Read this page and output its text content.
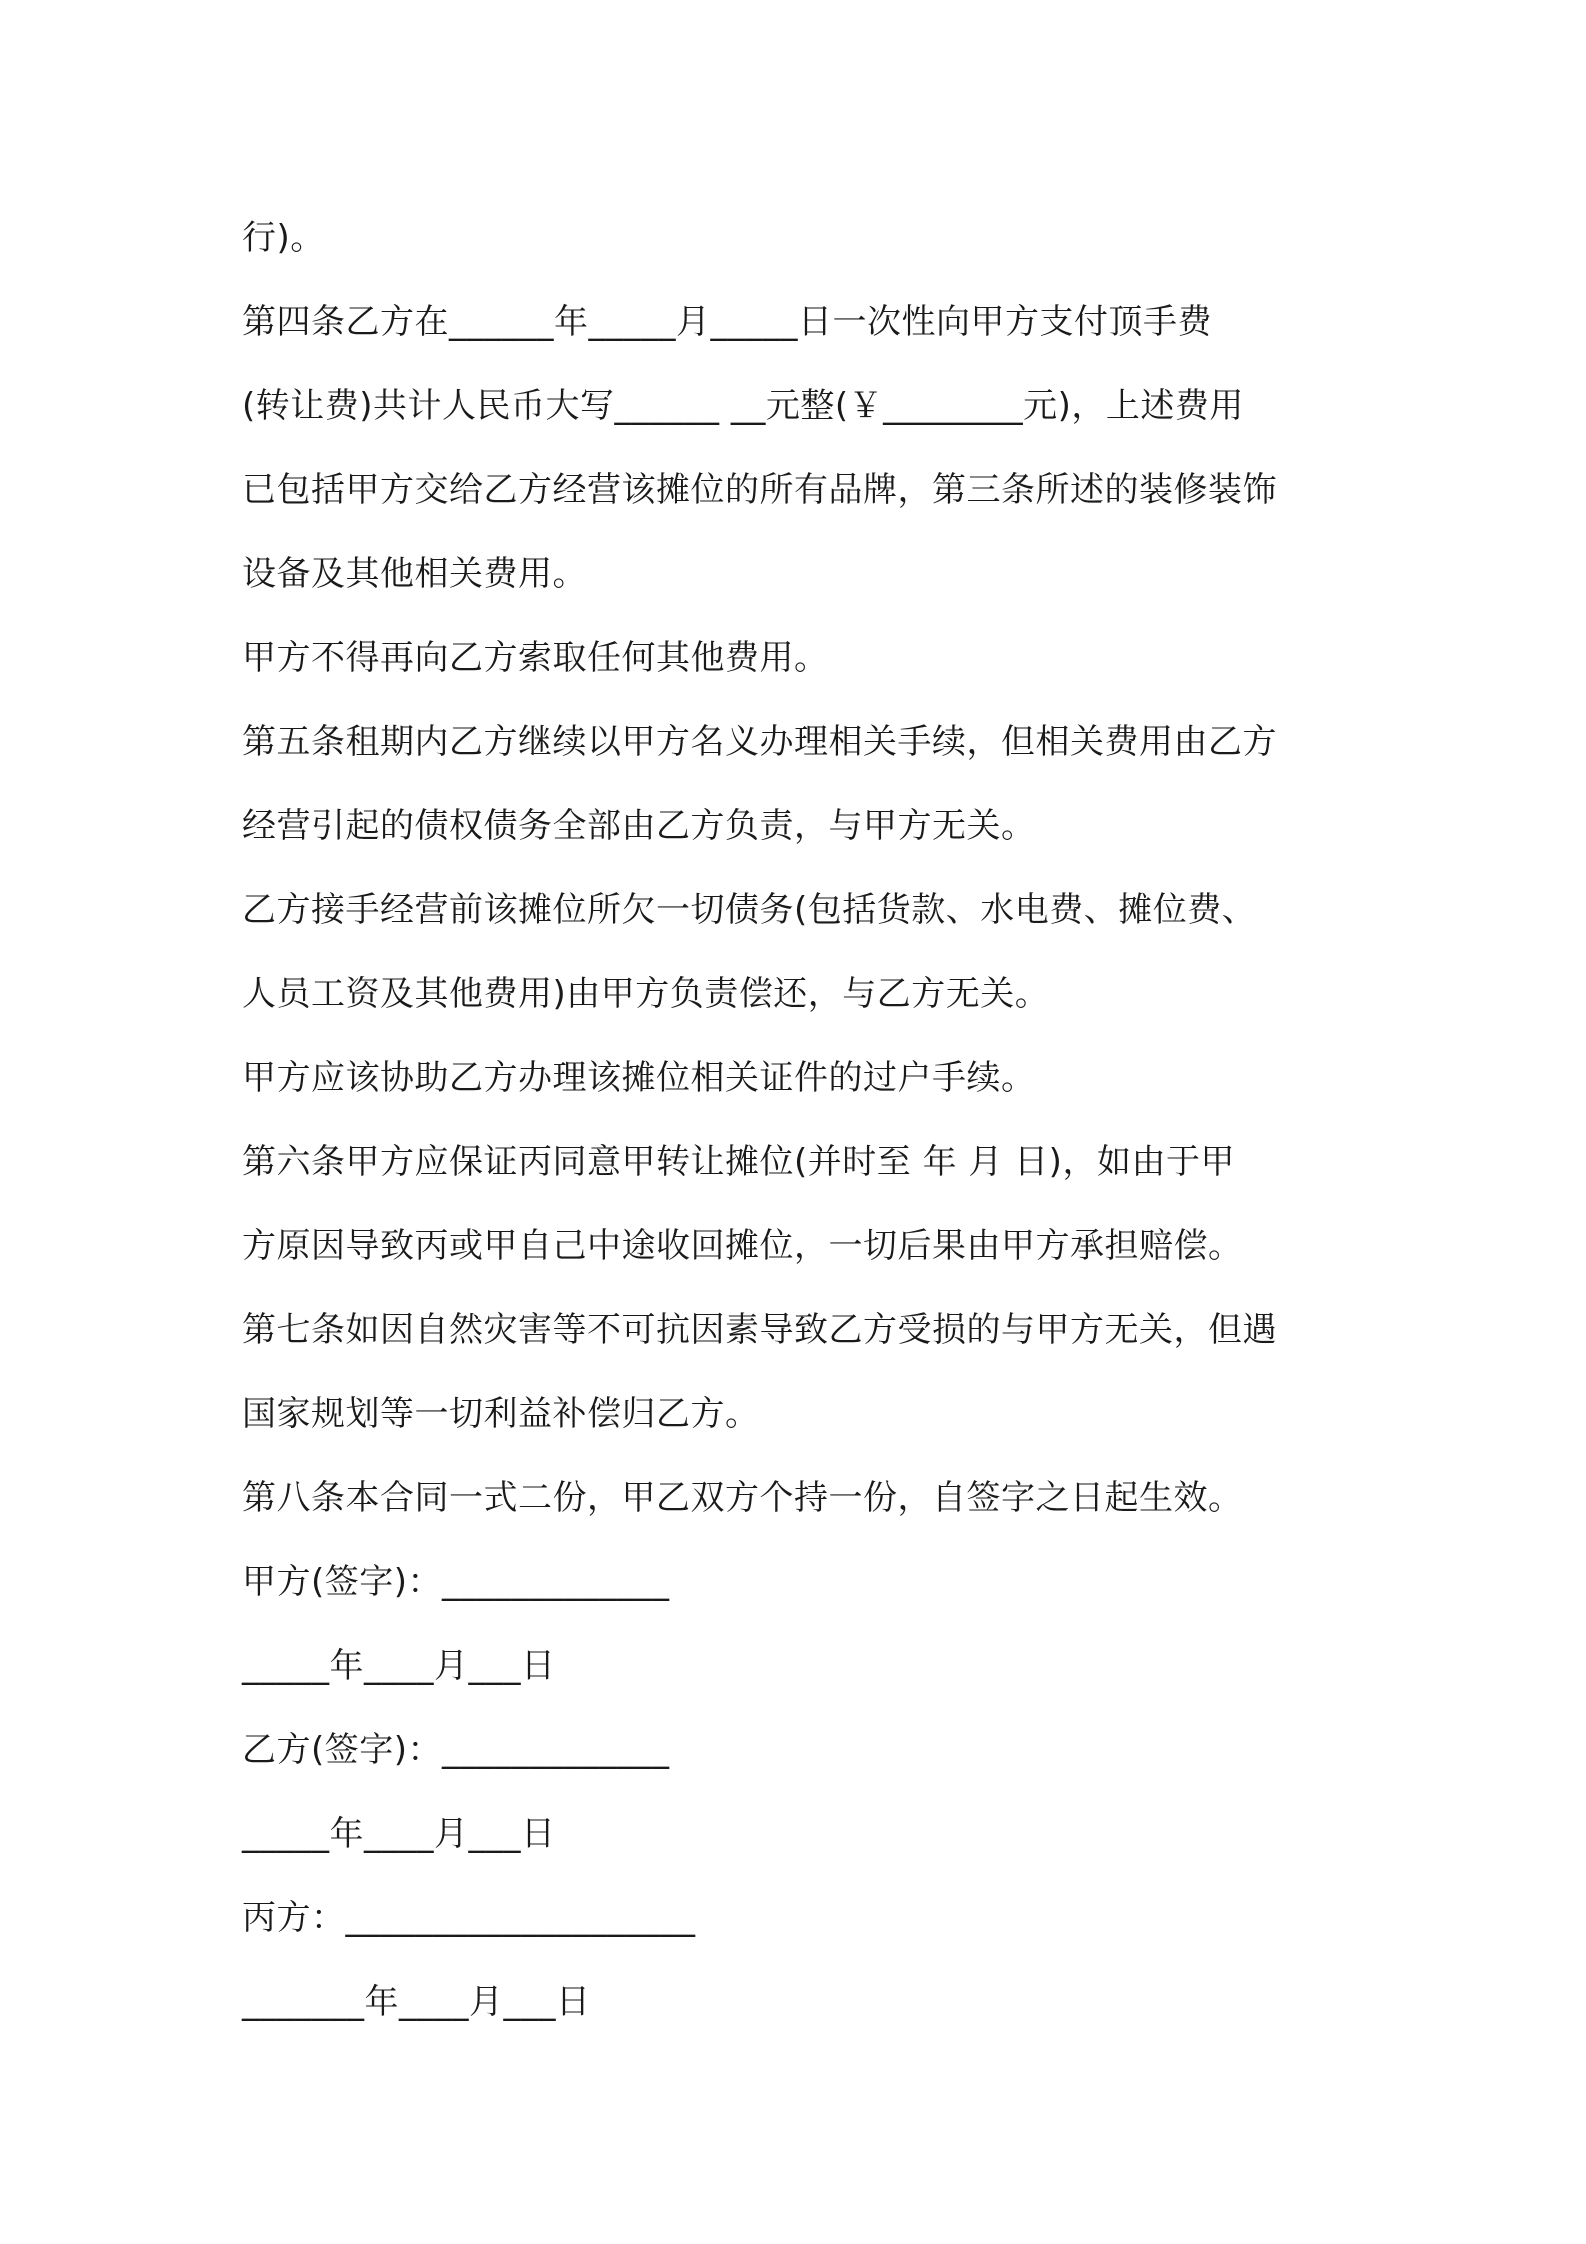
行)。
第四条乙方在______年_____月_____日一次性向甲方支付顶手费
(转让费)共计人民币大写______ __元整(￥________元)，上述费用
已包括甲方交给乙方经营该摊位的所有品牌，第三条所述的装修装饰
设备及其他相关费用。
甲方不得再向乙方索取任何其他费用。
第五条租期内乙方继续以甲方名义办理相关手续，但相关费用由乙方
经营引起的债权债务全部由乙方负责，与甲方无关。
乙方接手经营前该摊位所欠一切债务(包括货款、水电费、摊位费、
人员工资及其他费用)由甲方负责偿还，与乙方无关。
甲方应该协助乙方办理该摊位相关证件的过户手续。
第六条甲方应保证丙同意甲转让摊位(并时至 年 月 日)，如由于甲
方原因导致丙或甲自己中途收回摊位，一切后果由甲方承担赔偿。
第七条如因自然灾害等不可抗因素导致乙方受损的与甲方无关，但遇
国家规划等一切利益补偿归乙方。
第八条本合同一式二份，甲乙双方个持一份，自签字之日起生效。
甲方(签字)：_____________
_____年____月___日
乙方(签字)：_____________
_____年____月___日
丙方：____________________
_______年____月___日
